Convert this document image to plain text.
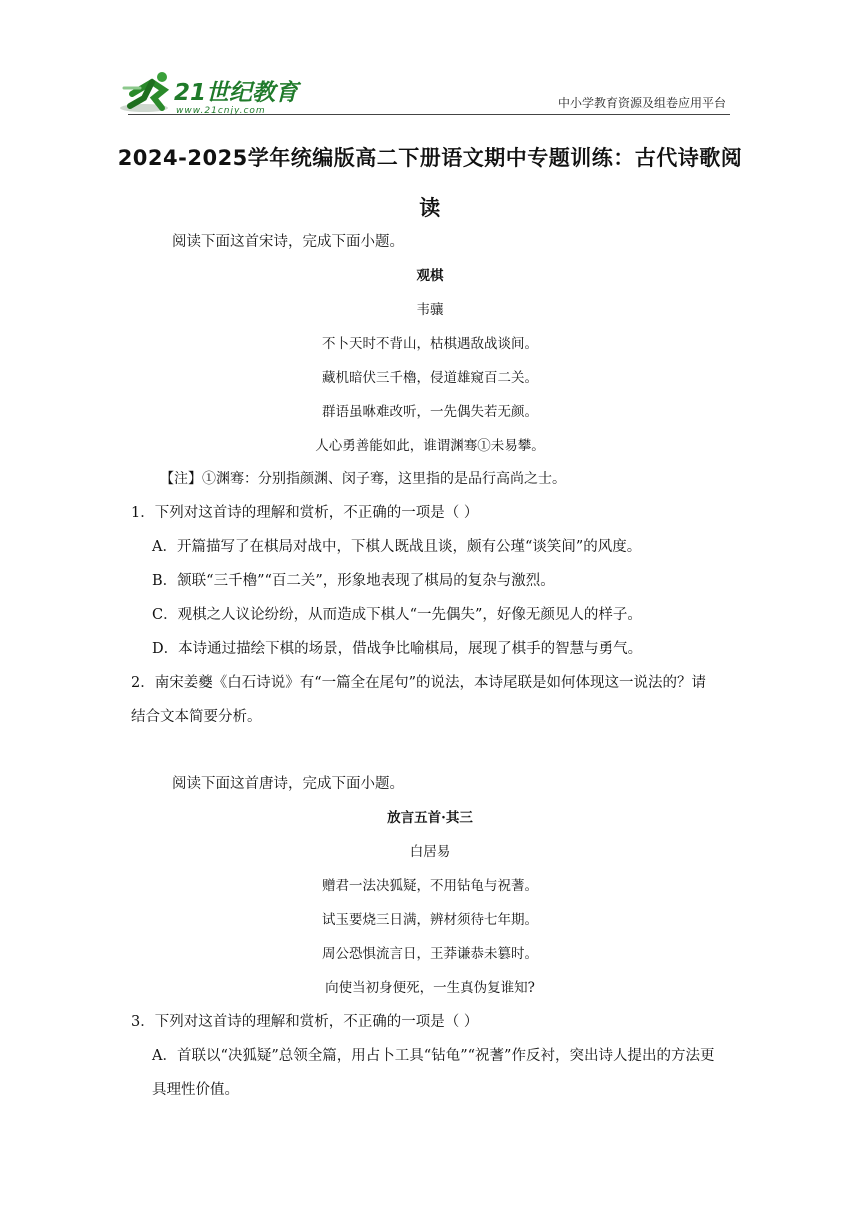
21世纪教育
www.21cnjy.com
中小学教育资源及组卷应用平台
2024-2025学年统编版高二下册语文期中专题训练：古代诗歌阅
读
阅读下面这首宋诗，完成下面小题。
观棋
韦骧
不卜天时不背山，枯棋遇敌战谈间。
藏机暗伏三千櫓，侵道雄窥百二关。
群语虽咻难改听，一先偶失若无颜。
人心勇善能如此，谁谓渊骞①未易攀。
【注】①渊骞：分别指颜渊、闵子骞，这里指的是品行高尚之士。
1．下列对这首诗的理解和赏析，不正确的一项是（ ）
A．开篇描写了在棋局对战中，下棋人既战且谈，颇有公瑾“谈笑间”的风度。
B．颔联“三千櫓”“百二关”，形象地表现了棋局的复杂与激烈。
C．观棋之人议论纷纷，从而造成下棋人“一先偶失”，好像无颜见人的样子。
D．本诗通过描绘下棋的场景，借战争比喻棋局，展现了棋手的智慧与勇气。
2．南宋姜夔《白石诗说》有“一篇全在尾句”的说法，本诗尾联是如何体现这一说法的？请
结合文本简要分析。
阅读下面这首唐诗，完成下面小题。
放言五首·其三
白居易
赠君一法决狐疑，不用钻龟与祝蓍。
试玉要烧三日满，辨材须待七年期。
周公恐惧流言日，王莽谦恭未篡时。
向使当初身便死，一生真伪复谁知?
3．下列对这首诗的理解和赏析，不正确的一项是（ ）
A．首联以“决狐疑”总领全篇，用占卜工具“钻龟”“祝蓍”作反衬，突出诗人提出的方法更
具理性价值。
